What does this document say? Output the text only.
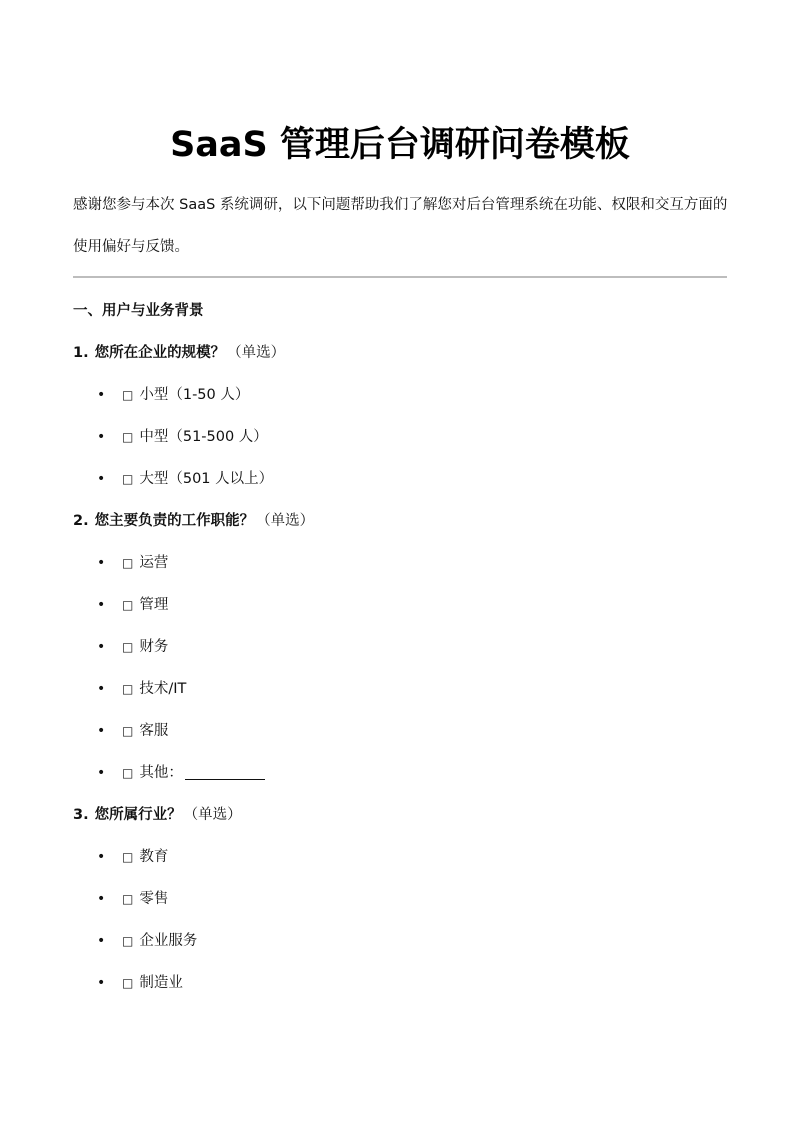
SaaS 管理后台调研问卷模板

感谢您参与本次 SaaS 系统调研，以下问题帮助我们了解您对后台管理系统在功能、权限和交互方面的使用偏好与反馈。

一、用户与业务背景
1. 您所在企业的规模？ （单选）
• □ 小型（1-50 人）
• □ 中型（51-500 人）
• □ 大型（501 人以上）
2. 您主要负责的工作职能？ （单选）
• □ 运营
• □ 管理
• □ 财务
• □ 技术/IT
• □ 客服
• □ 其他：
3. 您所属行业？ （单选）
• □ 教育
• □ 零售
• □ 企业服务
• □ 制造业
